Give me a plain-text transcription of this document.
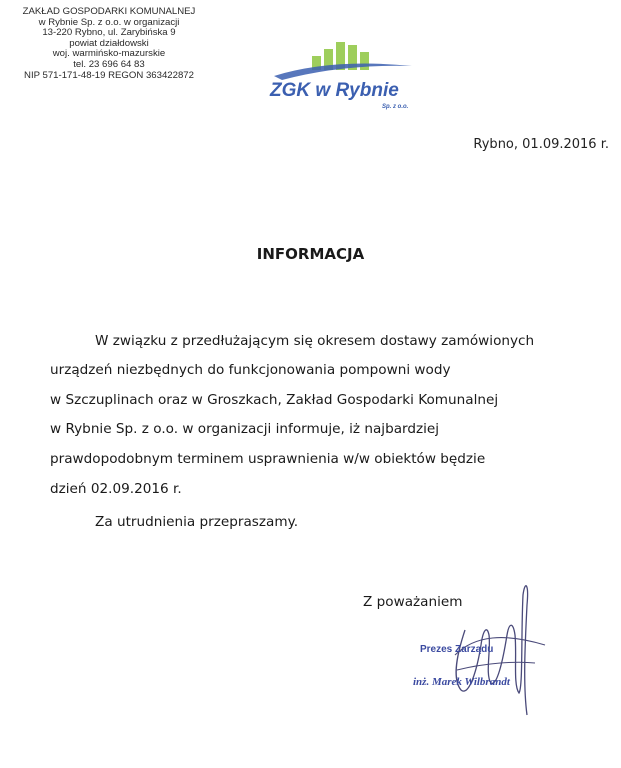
ZAKŁAD GOSPODARKI KOMUNALNEJ
w Rybnie Sp. z o.o. w organizacji
13-220 Rybno, ul. Zarybińska 9
powiat działdowski
woj. warmińsko-mazurskie
tel. 23 696 64 83
NIP 571-171-48-19 REGON 363422872
ZGK w Rybnie
Sp. z o.o.
Rybno, 01.09.2016 r.
INFORMACJA
W związku z przedłużającym się okresem dostawy zamówionych
urządzeń niezbędnych do funkcjonowania pompowni wody
w Szczuplinach oraz w Groszkach, Zakład Gospodarki Komunalnej
w Rybnie Sp. z o.o. w organizacji informuje, iż najbardziej
prawdopodobnym terminem usprawnienia w/w obiektów będzie
dzień 02.09.2016 r.
Za utrudnienia przepraszamy.
Z poważaniem
Prezes Zarządu
inż. Marek Wilbrandt
